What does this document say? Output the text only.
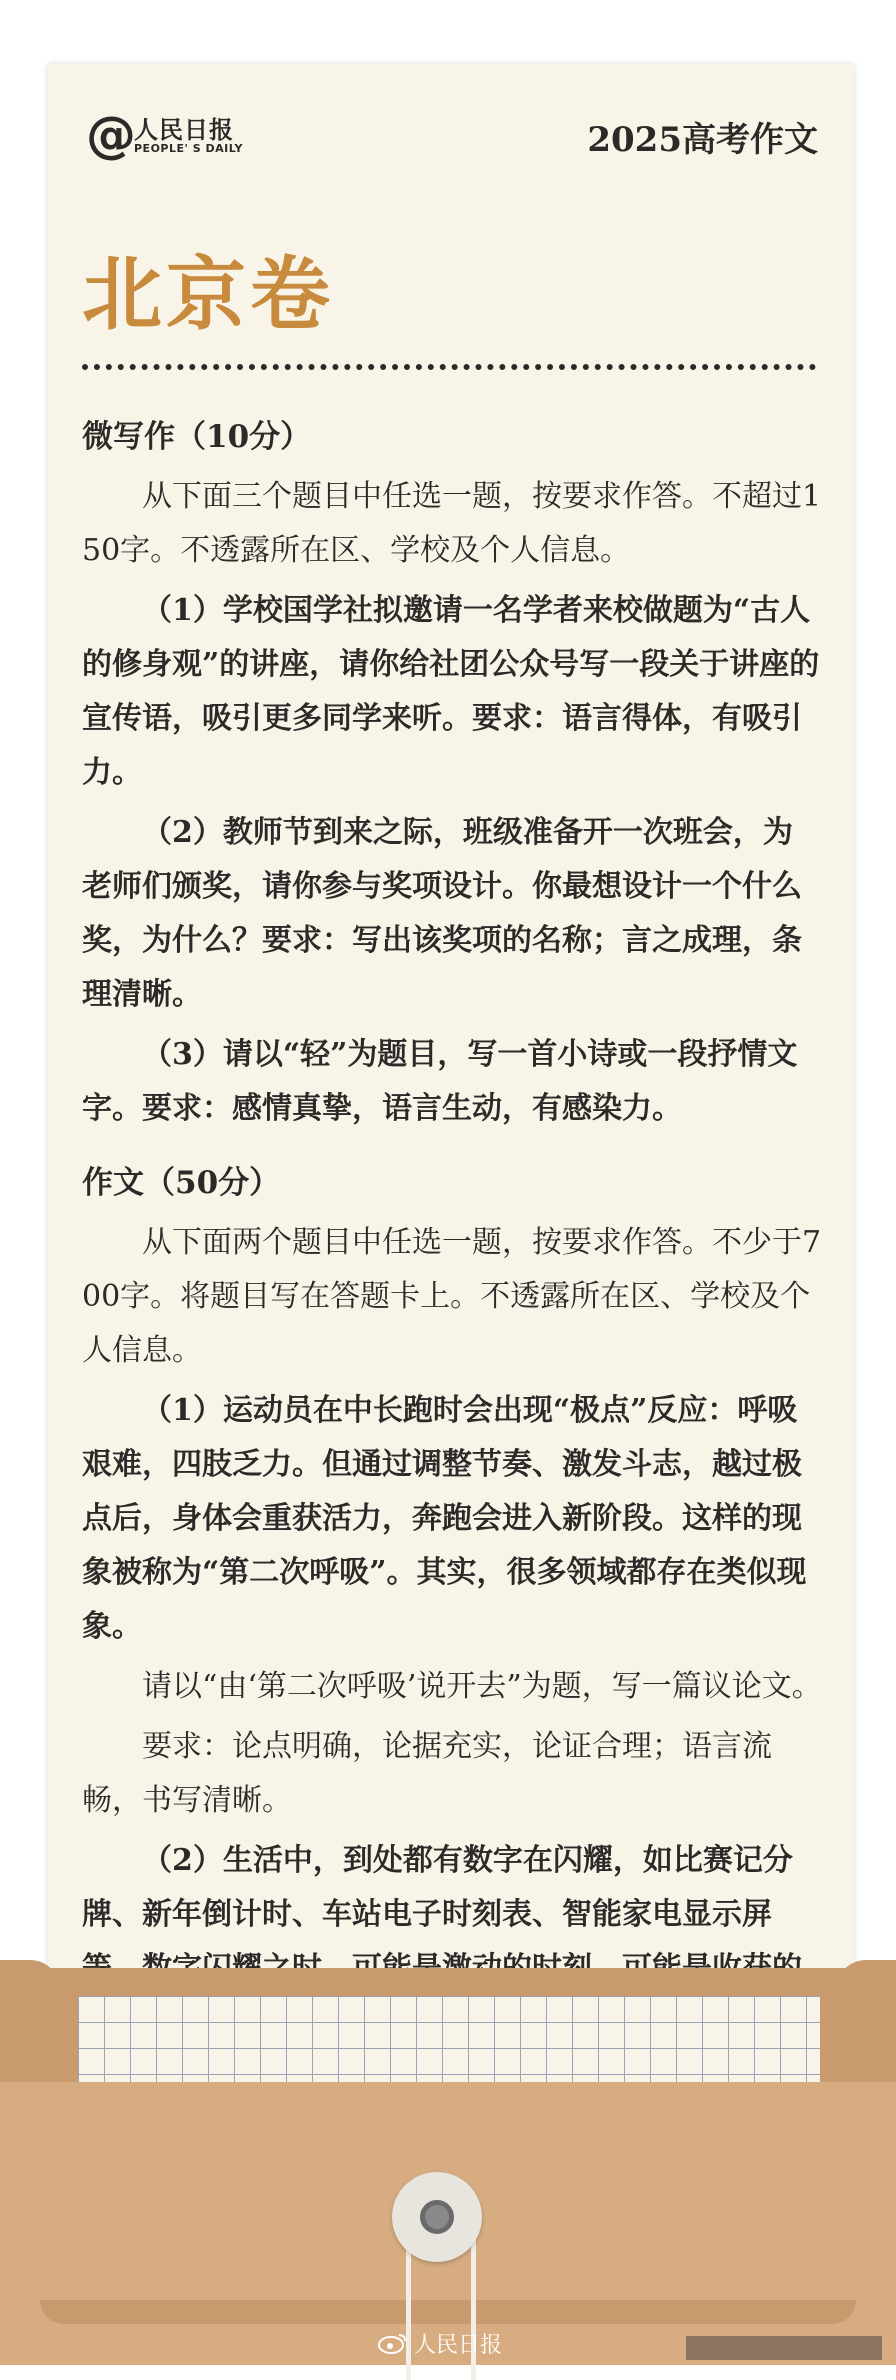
@
人民日报
PEOPLE' S DAILY	2025高考作文
北京卷

微写作（10分）

从下面三个题目中任选一题，按要求作答。不超过150字。不透露所在区、学校及个人信息。

（1）学校国学社拟邀请一名学者来校做题为“古人的修身观”的讲座，请你给社团公众号写一段关于讲座的宣传语，吸引更多同学来听。要求：语言得体，有吸引力。

（2）教师节到来之际，班级准备开一次班会，为老师们颁奖，请你参与奖项设计。你最想设计一个什么奖，为什么？要求：写出该奖项的名称；言之成理，条理清晰。

（3）请以“轻”为题目，写一首小诗或一段抒情文字。要求：感情真挚，语言生动，有感染力。

作文（50分）

从下面两个题目中任选一题，按要求作答。不少于700字。将题目写在答题卡上。不透露所在区、学校及个人信息。

（1）运动员在中长跑时会出现“极点”反应：呼吸艰难，四肢乏力。但通过调整节奏、激发斗志，越过极点后，身体会重获活力，奔跑会进入新阶段。这样的现象被称为“第二次呼吸”。其实，很多领域都存在类似现象。

请以“由‘第二次呼吸’说开去”为题，写一篇议论文。

要求：论点明确，论据充实，论证合理；语言流畅，书写清晰。

（2）生活中，到处都有数字在闪耀，如比赛记分牌、新年倒计时、车站电子时刻表、智能家电显示屏

人民日报
